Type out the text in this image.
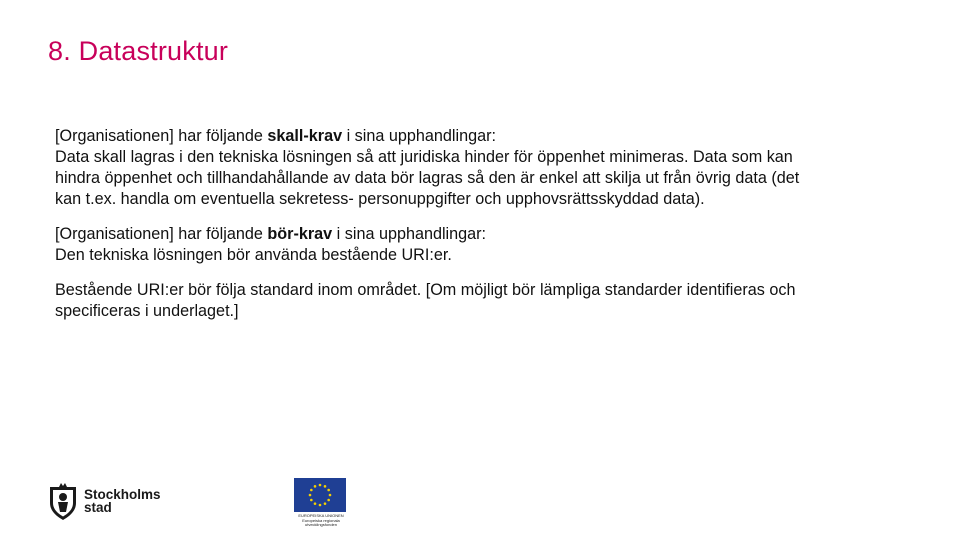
8. Datastruktur
[Organisationen] har följande skall-krav i sina upphandlingar:
Data skall lagras i den tekniska lösningen så att juridiska hinder för öppenhet minimeras. Data som kan
hindra öppenhet och tillhandahållande av data bör lagras så den är enkel att skilja ut från övrig data (det
kan t.ex. handla om eventuella sekretess- personuppgifter och upphovsrättsskyddad data).
[Organisationen] har följande bör-krav i sina upphandlingar:
Den tekniska lösningen bör använda bestående URI:er.
Bestående URI:er bör följa standard inom området. [Om möjligt bör lämpliga standarder identifieras och
specificeras i underlaget.]
Stockholms
stad
EUROPEISKA UNIONEN
Europeiska regionala
utvecklingsfonden
